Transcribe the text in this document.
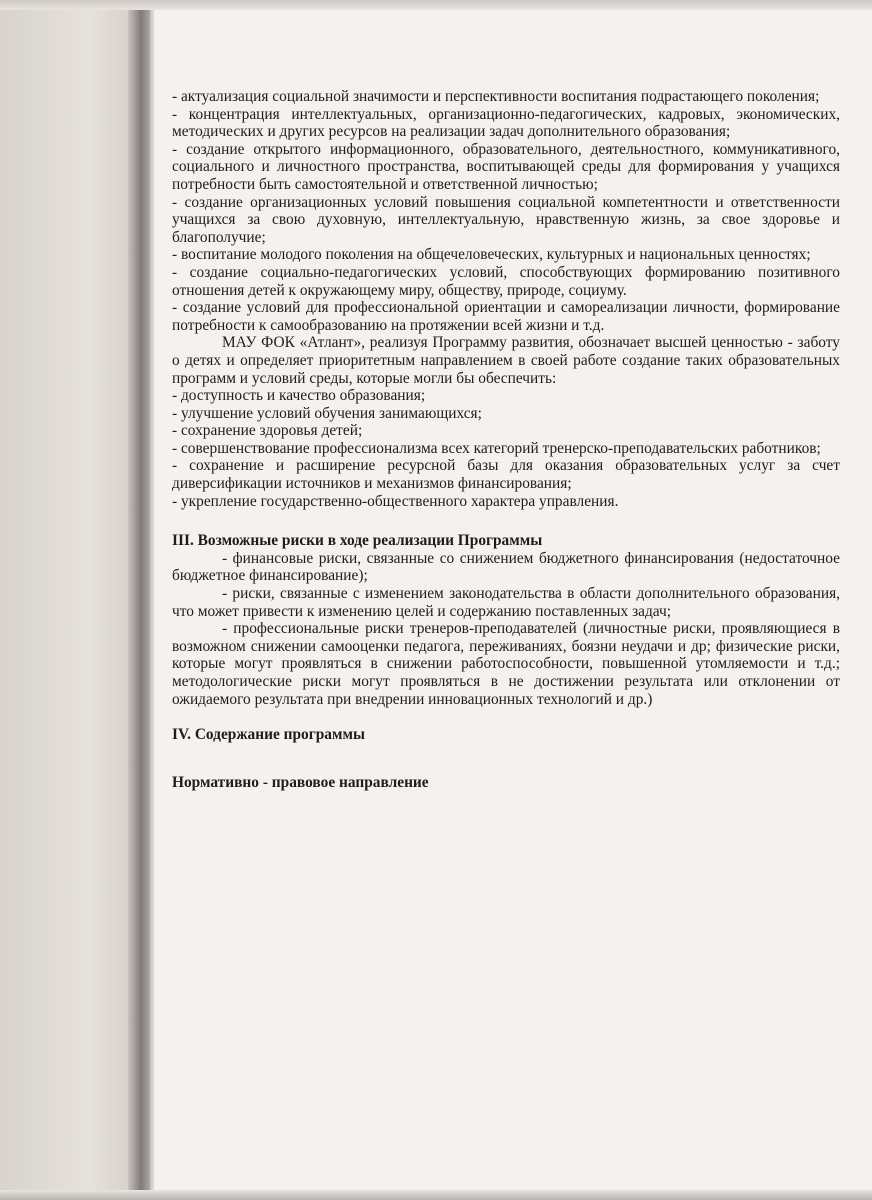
- актуализация социальной значимости и перспективности воспитания подрастающего поколения;

- концентрация интеллектуальных, организационно-педагогических, кадровых, экономических, методических и других ресурсов на реализации задач дополнительного образования;

- создание открытого информационного, образовательного, деятельностного, коммуникативного, социального и личностного пространства, воспитывающей среды для формирования у учащихся потребности быть самостоятельной и ответственной личностью;

- создание организационных условий повышения социальной компетентности и ответственности учащихся за свою духовную, интеллектуальную, нравственную жизнь, за свое здоровье и благополучие;

- воспитание молодого поколения на общечеловеческих, культурных и национальных ценностях;

- создание социально-педагогических условий, способствующих формированию позитивного отношения детей к окружающему миру, обществу, природе, социуму.

- создание условий для профессиональной ориентации и самореализации личности, формирование потребности к самообразованию на протяжении всей жизни и т.д.

МАУ ФОК «Атлант», реализуя Программу развития, обозначает высшей ценностью - заботу о детях и определяет приоритетным направлением в своей работе создание таких образовательных программ и условий среды, которые могли бы обеспечить:

- доступность и качество образования;

- улучшение условий обучения занимающихся;

- сохранение здоровья детей;

- совершенствование профессионализма всех категорий тренерско-преподавательских работников;

- сохранение и расширение ресурсной базы для оказания образовательных услуг за счет диверсификации источников и механизмов финансирования;

- укрепление государственно-общественного характера управления.

III. Возможные риски в ходе реализации Программы

- финансовые риски, связанные со снижением бюджетного финансирования (недостаточное бюджетное финансирование);

- риски, связанные с изменением законодательства в области дополнительного образования, что может привести к изменению целей и содержанию поставленных задач;

- профессиональные риски тренеров-преподавателей (личностные риски, проявляющиеся в возможном снижении самооценки педагога, переживаниях, боязни неудачи и др; физические риски, которые могут проявляться в снижении работоспособности, повышенной утомляемости и т.д.; методологические риски могут проявляться в не достижении результата или отклонении от ожидаемого результата при внедрении инновационных технологий и др.)

IV. Содержание программы

Нормативно - правовое направление
